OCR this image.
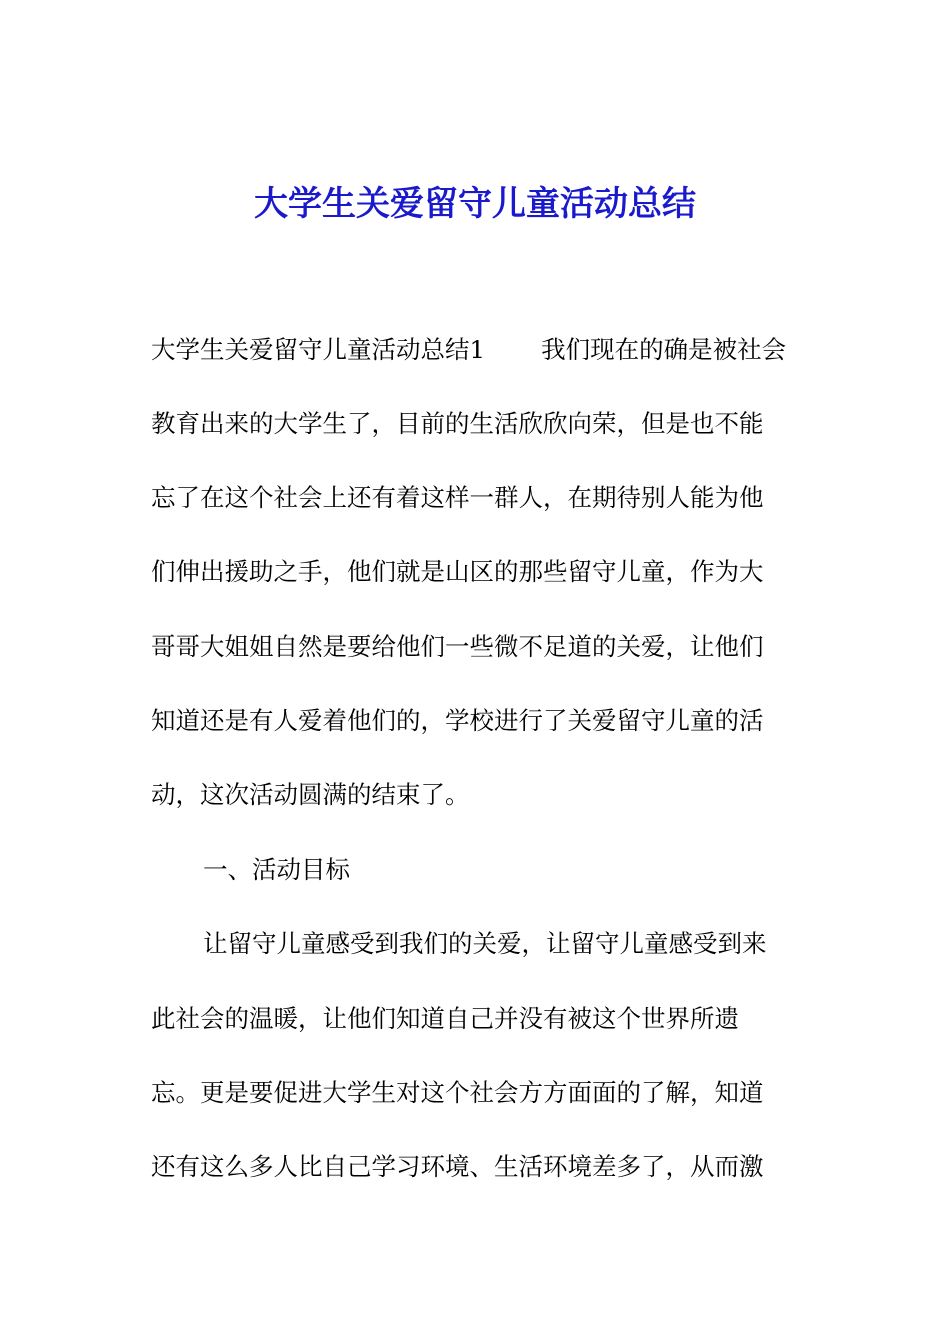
大学生关爱留守儿童活动总结

大学生关爱留守儿童活动总结1 我们现在的确是被社会

教育出来的大学生了，目前的生活欣欣向荣，但是也不能

忘了在这个社会上还有着这样一群人，在期待别人能为他

们伸出援助之手，他们就是山区的那些留守儿童，作为大

哥哥大姐姐自然是要给他们一些微不足道的关爱，让他们

知道还是有人爱着他们的，学校进行了关爱留守儿童的活

动，这次活动圆满的结束了。

一、活动目标

让留守儿童感受到我们的关爱，让留守儿童感受到来

此社会的温暖，让他们知道自己并没有被这个世界所遗

忘。更是要促进大学生对这个社会方方面面的了解，知道

还有这么多人比自己学习环境、生活环境差多了，从而激
